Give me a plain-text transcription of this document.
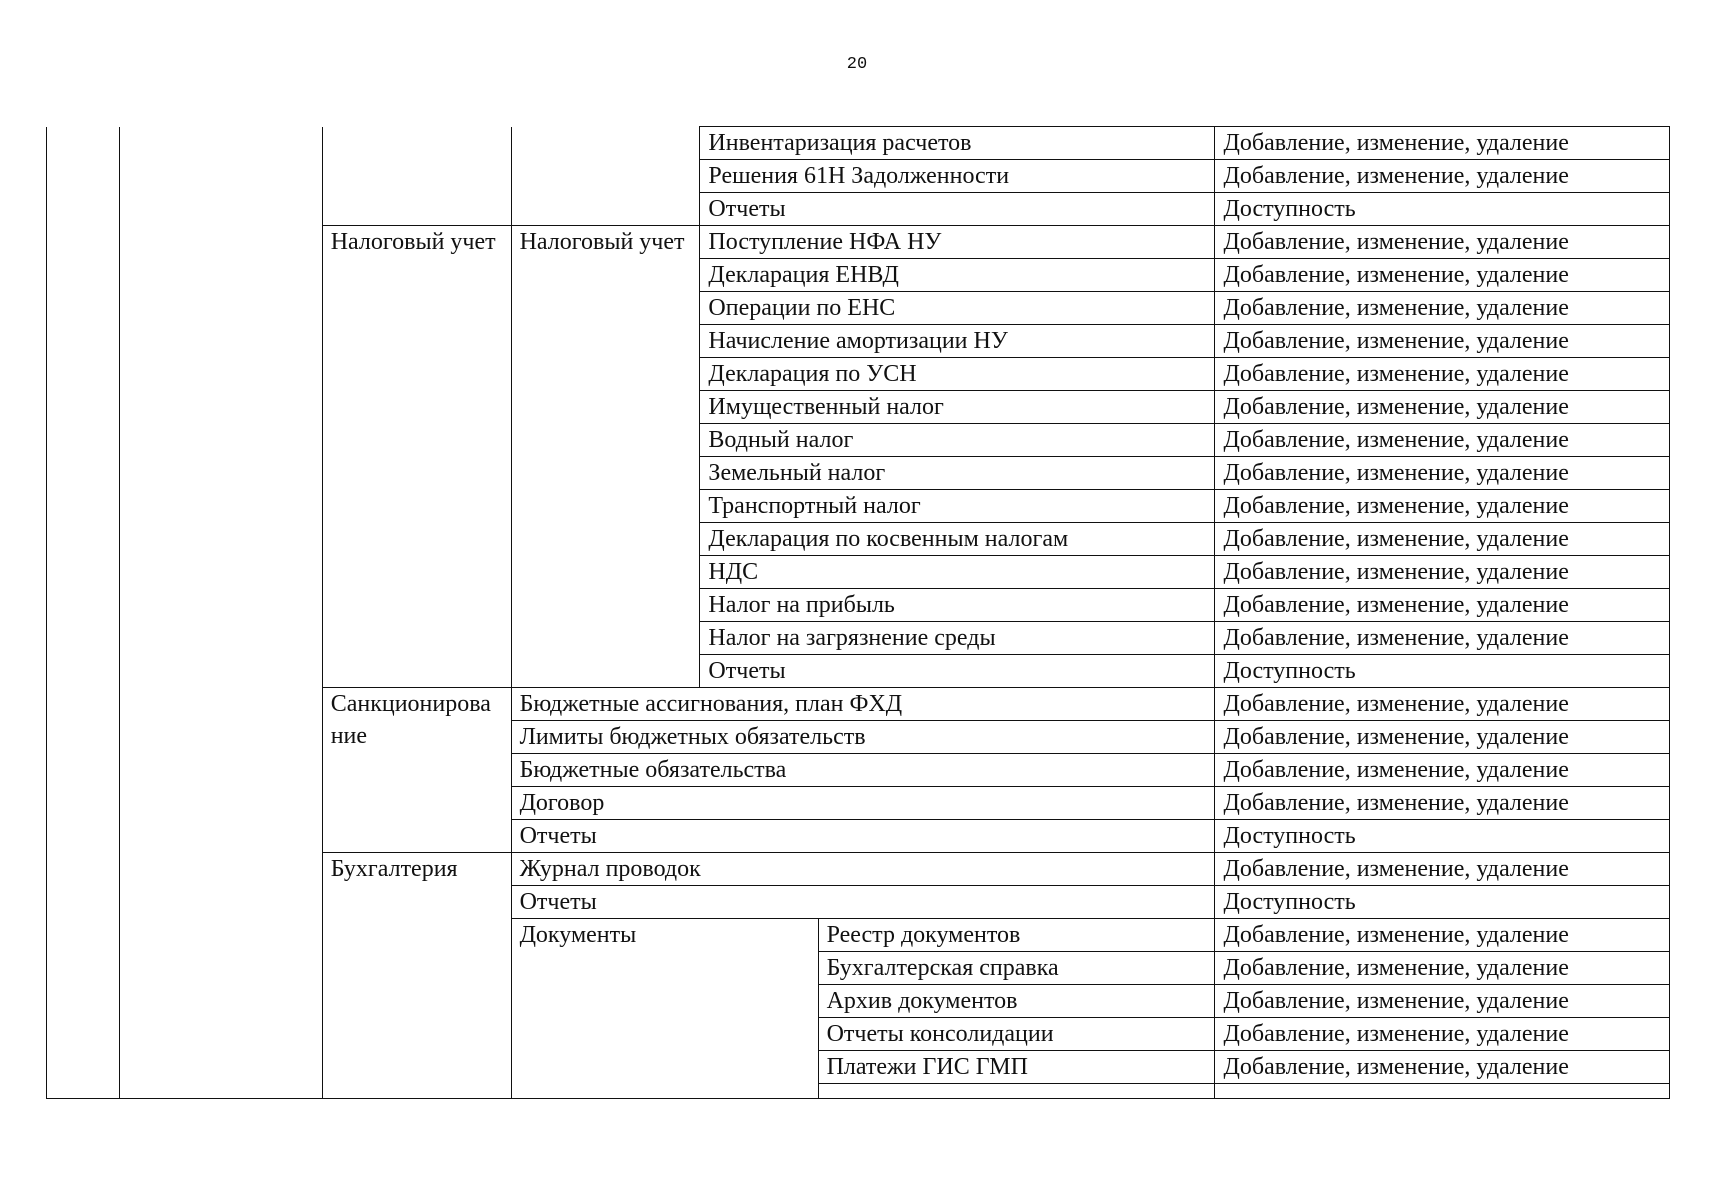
20
				Инвентаризация расчетов		Добавление, изменение, удаление
				Решения 61Н Задолженности		Добавление, изменение, удаление
				Отчеты		Доступность
		Налоговый учет	Налоговый учет	Поступление НФА НУ		Добавление, изменение, удаление
				Декларация ЕНВД		Добавление, изменение, удаление
				Операции по ЕНС		Добавление, изменение, удаление
				Начисление амортизации НУ		Добавление, изменение, удаление
				Декларация по УСН		Добавление, изменение, удаление
				Имущественный налог		Добавление, изменение, удаление
				Водный налог		Добавление, изменение, удаление
				Земельный налог		Добавление, изменение, удаление
				Транспортный налог		Добавление, изменение, удаление
				Декларация по косвенным налогам		Добавление, изменение, удаление
				НДС		Добавление, изменение, удаление
				Налог на прибыль		Добавление, изменение, удаление
				Налог на загрязнение среды		Добавление, изменение, удаление
				Отчеты		Доступность
		Санкционирование	Бюджетные ассигнования, план ФХД			Добавление, изменение, удаление
			Лимиты бюджетных обязательств			Добавление, изменение, удаление
			Бюджетные обязательства			Добавление, изменение, удаление
			Договор			Добавление, изменение, удаление
			Отчеты			Доступность
		Бухгалтерия	Журнал проводок			Добавление, изменение, удаление
			Отчеты			Доступность
			Документы		Реестр документов	Добавление, изменение, удаление
					Бухгалтерская справка	Добавление, изменение, удаление
					Архив документов	Добавление, изменение, удаление
					Отчеты консолидации	Добавление, изменение, удаление
					Платежи ГИС ГМП	Добавление, изменение, удаление
